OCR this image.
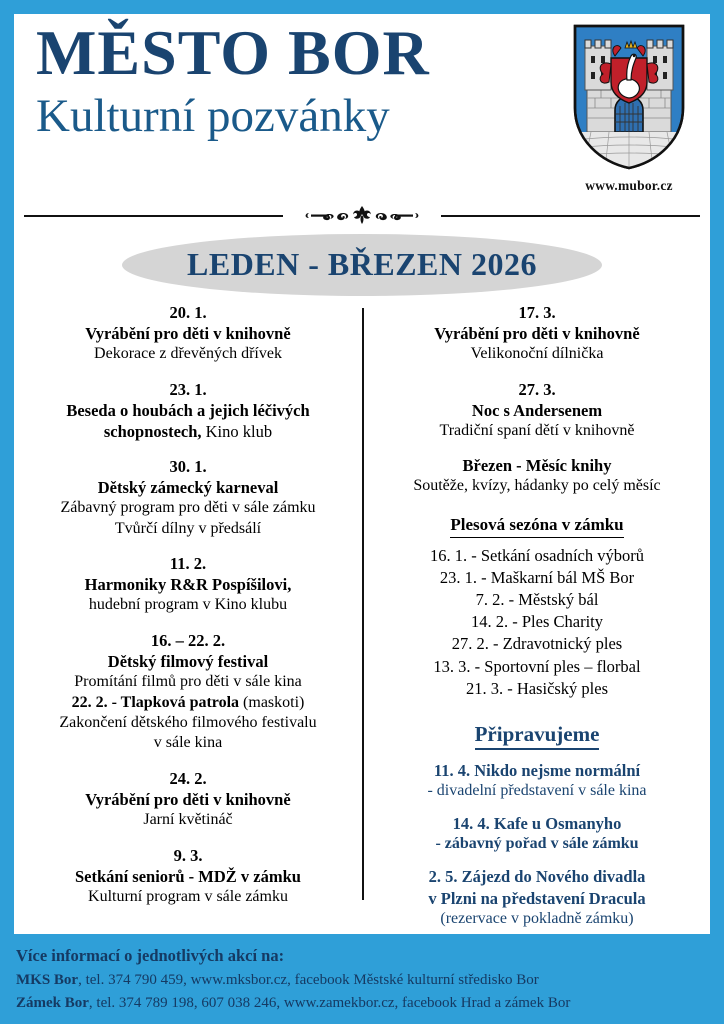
MĚSTO BOR
Kulturní pozvánky
www.mubor.cz
LEDEN - BŘEZEN 2026
20. 1.
Vyrábění pro děti v knihovně
Dekorace z dřevěných dřívek
23. 1.
Beseda o houbách a jejich léčivých
schopnostech, Kino klub
30. 1.
Dětský zámecký karneval
Zábavný program pro děti v sále zámku
Tvůrčí dílny v předsálí
11. 2.
Harmoniky R&R Pospíšilovi,
hudební program v Kino klubu
16. – 22. 2.
Dětský filmový festival
Promítání filmů pro děti v sále kina
22. 2. - Tlapková patrola (maskoti)
Zakončení dětského filmového festivalu
v sále kina
24. 2.
Vyrábění pro děti v knihovně
Jarní květináč
9. 3.
Setkání seniorů - MDŽ v zámku
Kulturní program v sále zámku
17. 3.
Vyrábění pro děti v knihovně
Velikonoční dílnička
27. 3.
Noc s Andersenem
Tradiční spaní dětí v knihovně
Březen - Měsíc knihy
Soutěže, kvízy, hádanky po celý měsíc
Plesová sezóna v zámku
16. 1. - Setkání osadních výborů
23. 1. - Maškarní bál MŠ Bor
7. 2. - Městský bál
14. 2. - Ples Charity
27. 2. - Zdravotnický ples
13. 3. - Sportovní ples – florbal
21. 3. - Hasičský ples
Připravujeme
11. 4. Nikdo nejsme normální
- divadelní představení v sále kina
14. 4. Kafe u Osmanyho
- zábavný pořad v sále zámku
2. 5. Zájezd do Nového divadla
v Plzni na představení Dracula
(rezervace v pokladně zámku)
Více informací o jednotlivých akcí na:
MKS Bor, tel. 374 790 459, www.mksbor.cz, facebook Městské kulturní středisko Bor
Zámek Bor, tel. 374 789 198, 607 038 246, www.zamekbor.cz, facebook Hrad a zámek Bor
